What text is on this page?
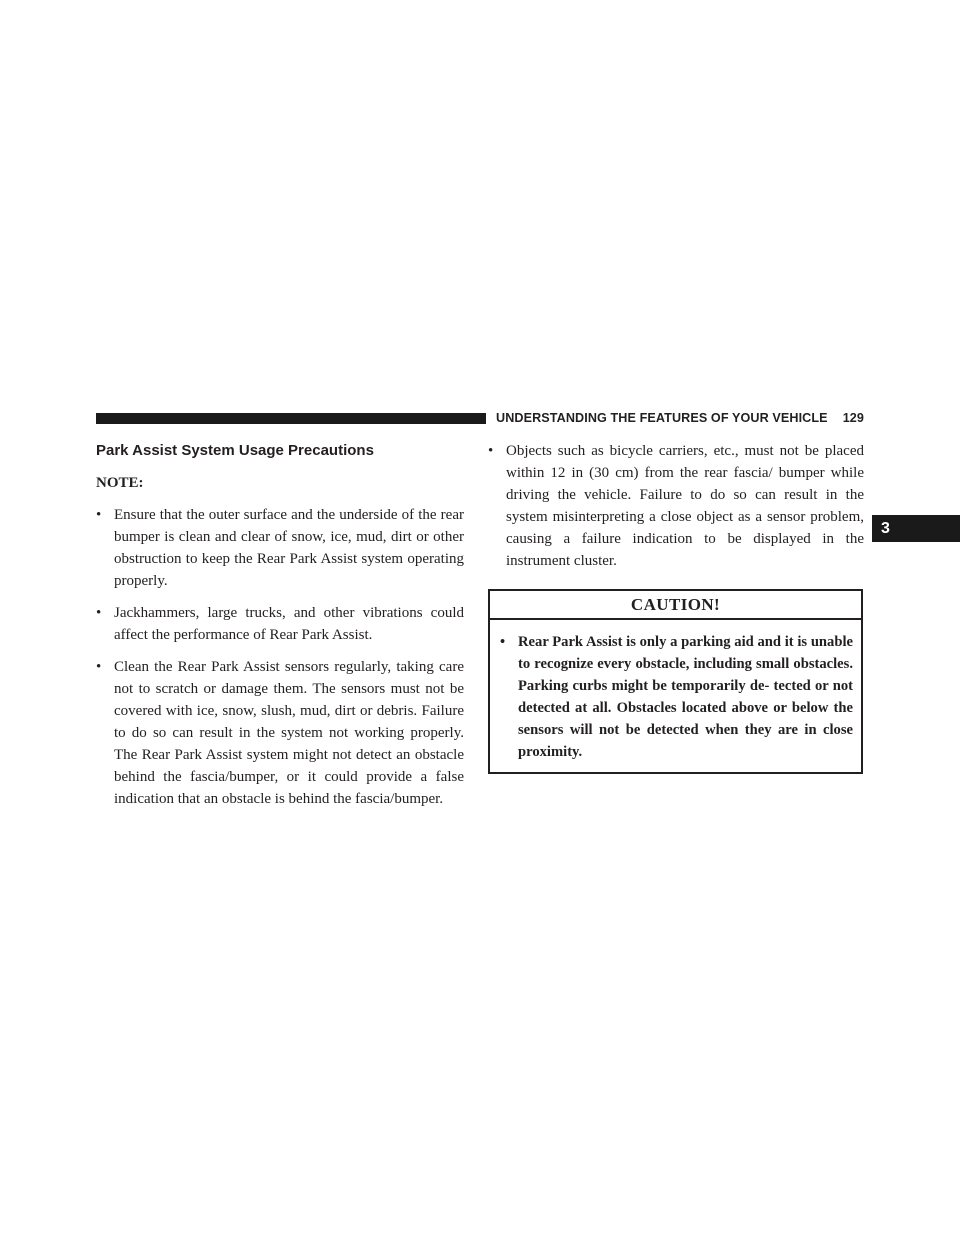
UNDERSTANDING THE FEATURES OF YOUR VEHICLE 129
3
Park Assist System Usage Precautions
NOTE:
• Ensure that the outer surface and the underside of the rear bumper is clean and clear of snow, ice, mud, dirt or other obstruction to keep the Rear Park Assist system operating properly.
• Jackhammers, large trucks, and other vibrations could affect the performance of Rear Park Assist.
• Clean the Rear Park Assist sensors regularly, taking care not to scratch or damage them. The sensors must not be covered with ice, snow, slush, mud, dirt or debris. Failure to do so can result in the system not working properly. The Rear Park Assist system might not detect an obstacle behind the fascia/bumper, or it could provide a false indication that an obstacle is behind the fascia/bumper.
• Objects such as bicycle carriers, etc., must not be placed within 12 in (30 cm) from the rear fascia/ bumper while driving the vehicle. Failure to do so can result in the system misinterpreting a close object as a sensor problem, causing a failure indication to be displayed in the instrument cluster.
CAUTION!
• Rear Park Assist is only a parking aid and it is unable to recognize every obstacle, including small obstacles. Parking curbs might be temporarily de- tected or not detected at all. Obstacles located above or below the sensors will not be detected when they are in close proximity.
